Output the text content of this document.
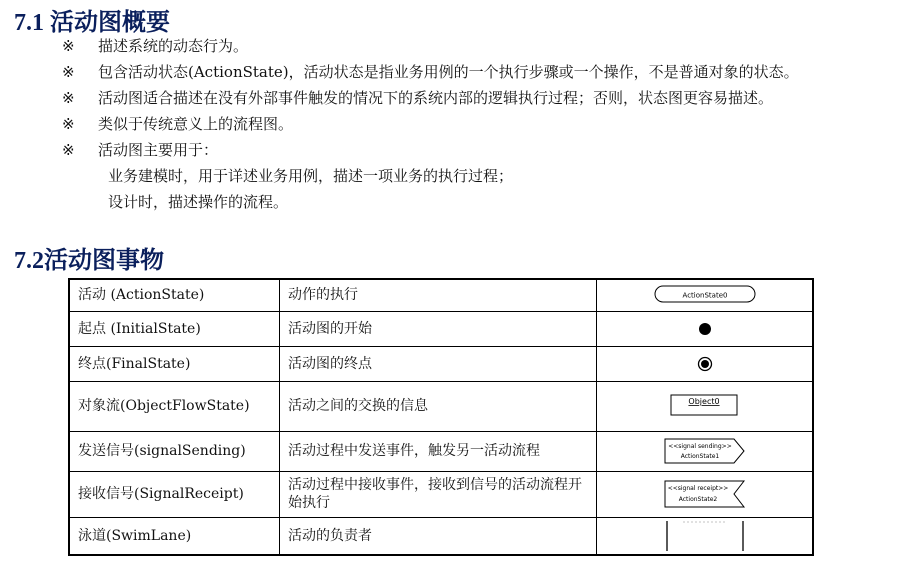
7.1 活动图概要
※ 描述系统的动态行为。
※ 包含活动状态(ActionState)，活动状态是指业务用例的一个执行步骤或一个操作，不是普通对象的状态。
※ 活动图适合描述在没有外部事件触发的情况下的系统内部的逻辑执行过程；否则，状态图更容易描述。
※ 类似于传统意义上的流程图。
※ 活动图主要用于：
业务建模时，用于详述业务用例，描述一项业务的执行过程；
设计时，描述操作的流程。
7.2活动图事物
活动 (ActionState)	动作的执行	ActionState0

起点 (InitialState)	活动图的开始	
终点(FinalState)	活动图的终点	
对象流(ObjectFlowState)	活动之间的交换的信息	Object0

发送信号(signalSending)	活动过程中发送事件，触发另一活动流程	<<signal sending>>
ActionState1

接收信号(SignalReceipt)	活动过程中接收事件，接收到信号的活动流程开始执行	<<signal receipt>>
ActionState2

泳道(SwimLane)	活动的负责者	
